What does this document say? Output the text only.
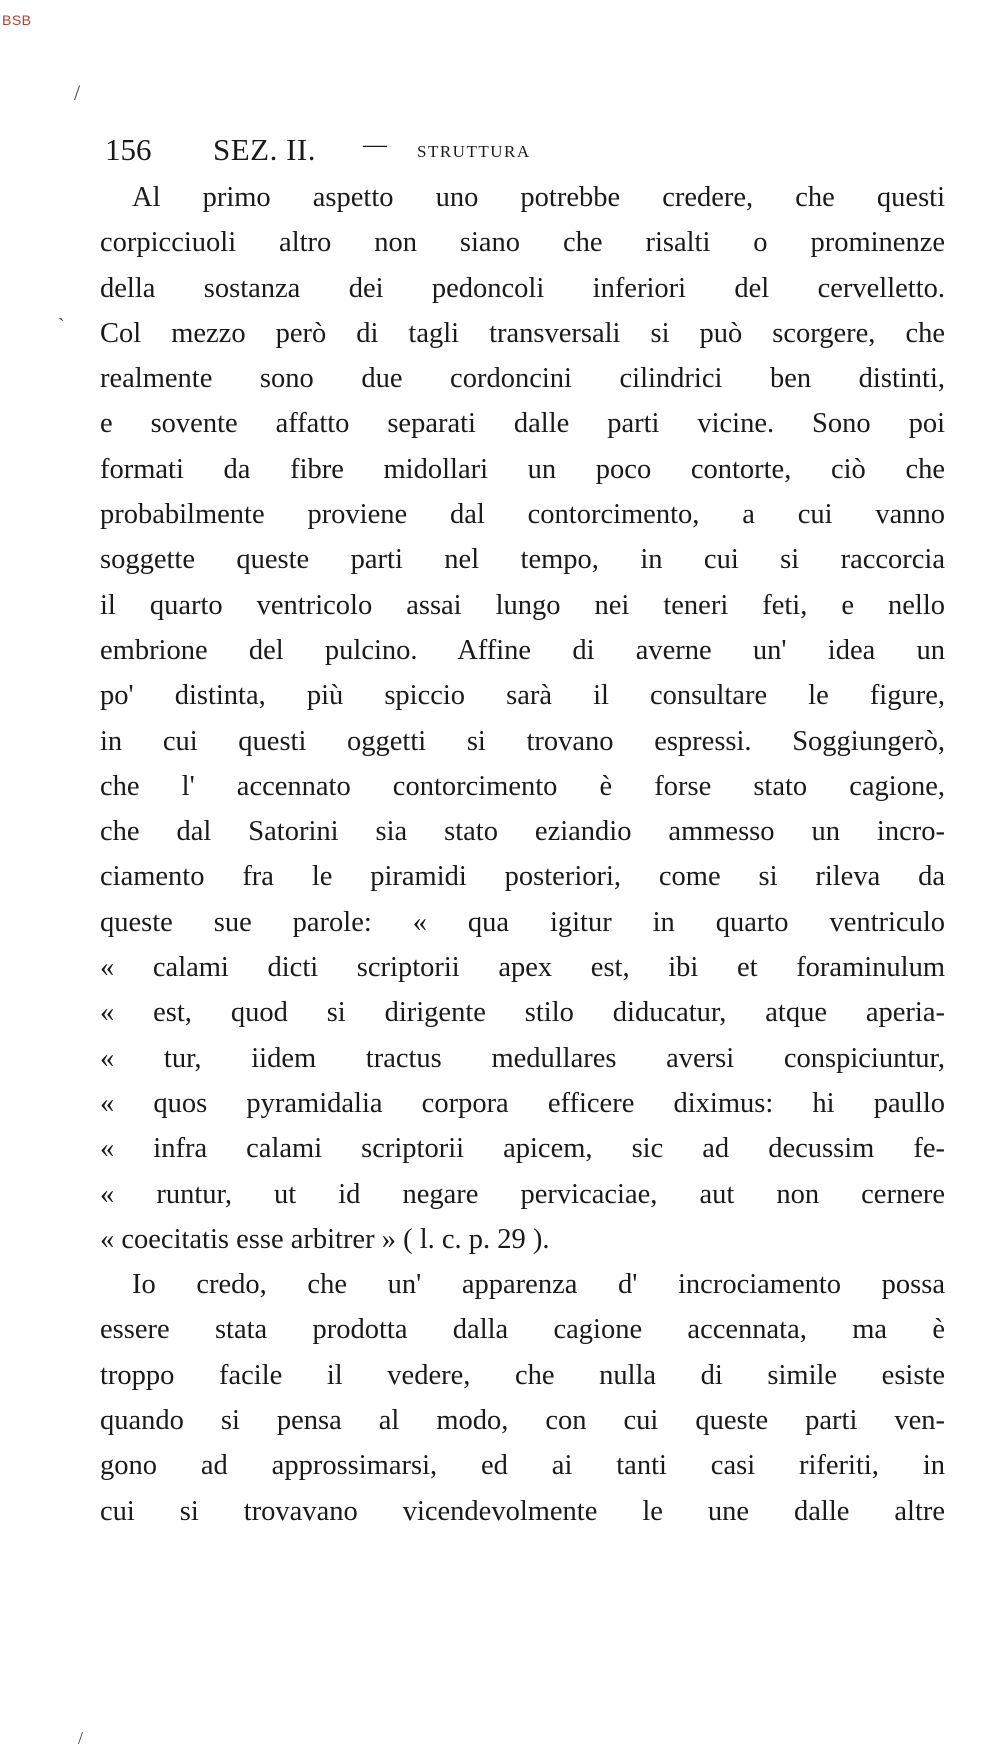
BSB
/
`
/
156 SEZ. II. — STRUTTURA
Al primo aspetto uno potrebbe credere, che questi
corpicciuoli altro non siano che risalti o prominenze
della sostanza dei pedoncoli inferiori del cervelletto.
Col mezzo però di tagli transversali si può scorgere, che
realmente sono due cordoncini cilindrici ben distinti,
e sovente affatto separati dalle parti vicine. Sono poi
formati da fibre midollari un poco contorte, ciò che
probabilmente proviene dal contorcimento, a cui vanno
soggette queste parti nel tempo, in cui si raccorcia
il quarto ventricolo assai lungo nei teneri feti, e nello
embrione del pulcino. Affine di averne un' idea un
po' distinta, più spiccio sarà il consultare le figure,
in cui questi oggetti si trovano espressi. Soggiungerò,
che l' accennato contorcimento è forse stato cagione,
che dal Satorini sia stato eziandio ammesso un incro-
ciamento fra le piramidi posteriori, come si rileva da
queste sue parole: « qua igitur in quarto ventriculo
« calami dicti scriptorii apex est, ibi et foraminulum
« est, quod si dirigente stilo diducatur, atque aperia-
« tur, iidem tractus medullares aversi conspiciuntur,
« quos pyramidalia corpora efficere diximus: hi paullo
« infra calami scriptorii apicem, sic ad decussim fe-
« runtur, ut id negare pervicaciae, aut non cernere
« coecitatis esse arbitrer » ( l. c. p. 29 ).
Io credo, che un' apparenza d' incrociamento possa
essere stata prodotta dalla cagione accennata, ma è
troppo facile il vedere, che nulla di simile esiste
quando si pensa al modo, con cui queste parti ven-
gono ad approssimarsi, ed ai tanti casi riferiti, in
cui si trovavano vicendevolmente le une dalle altre
